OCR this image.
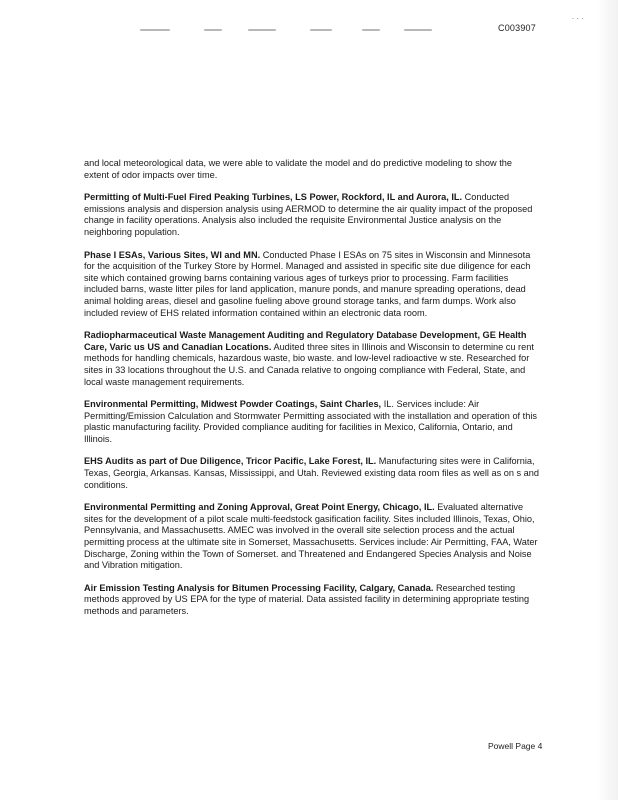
· · ·
C003907

and local meteorological data, we were able to validate the model and do predictive modeling to show the extent of odor impacts over time.

Permitting of Multi-Fuel Fired Peaking Turbines, LS Power, Rockford, IL and Aurora, IL. Conducted emissions analysis and dispersion analysis using AERMOD to determine the air quality impact of the proposed change in facility operations. Analysis also included the requisite Environmental Justice analysis on the neighboring population.

Phase I ESAs, Various Sites, WI and MN. Conducted Phase I ESAs on 75 sites in Wisconsin and Minnesota for the acquisition of the Turkey Store by Hormel. Managed and assisted in specific site due diligence for each site which contained growing barns containing various ages of turkeys prior to processing. Farm facilities included barns, waste litter piles for land application, manure ponds, and manure spreading operations, dead animal holding areas, diesel and gasoline fueling above ground storage tanks, and farm dumps. Work also included review of EHS related information contained within an electronic data room.

Radiopharmaceutical Waste Management Auditing and Regulatory Database Development, GE Health Care, Varic us US and Canadian Locations. Audited three sites in Illinois and Wisconsin to determine cu rent methods for handling chemicals, hazardous waste, bio waste. and low-level radioactive w ste. Researched for sites in 33 locations throughout the U.S. and Canada relative to ongoing compliance with Federal, State, and local waste management requirements.

Environmental Permitting, Midwest Powder Coatings, Saint Charles, IL. Services include: Air Permitting/Emission Calculation and Stormwater Permitting associated with the installation and operation of this plastic manufacturing facility. Provided compliance auditing for facilities in Mexico, California, Ontario, and Illinois.

EHS Audits as part of Due Diligence, Tricor Pacific, Lake Forest, IL. Manufacturing sites were in California, Texas, Georgia, Arkansas. Kansas, Mississippi, and Utah. Reviewed existing data room files as well as on s and conditions.

Environmental Permitting and Zoning Approval, Great Point Energy, Chicago, IL. Evaluated alternative sites for the development of a pilot scale multi-feedstock gasification facility. Sites included Illinois, Texas, Ohio, Pennsylvania, and Massachusetts. AMEC was involved in the overall site selection process and the actual permitting process at the ultimate site in Somerset, Massachusetts. Services include: Air Permitting, FAA, Water Discharge, Zoning within the Town of Somerset. and Threatened and Endangered Species Analysis and Noise and Vibration mitigation.

Air Emission Testing Analysis for Bitumen Processing Facility, Calgary, Canada. Researched testing methods approved by US EPA for the type of material. Data assisted facility in determining appropriate testing methods and parameters.

Powell Page 4
